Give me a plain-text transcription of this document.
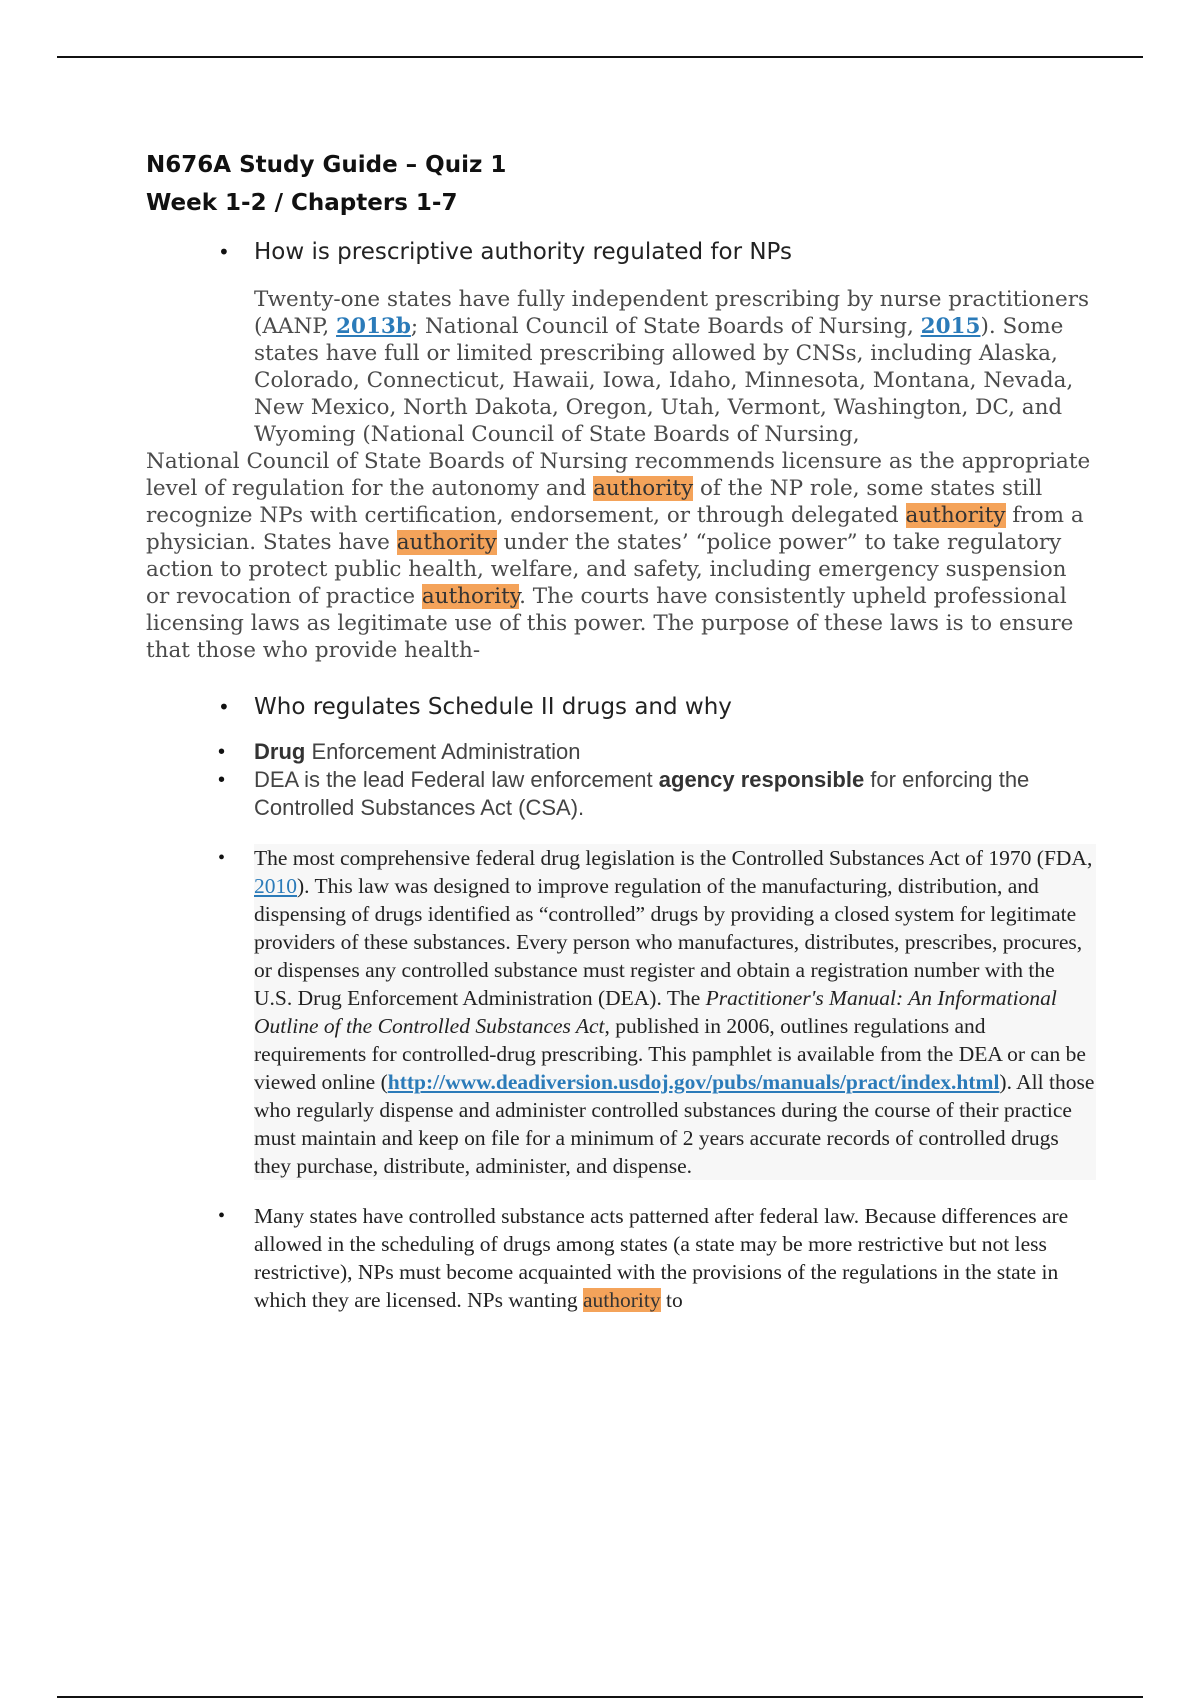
N676A Study Guide – Quiz 1

Week 1-2 / Chapters 1-7

• How is prescriptive authority regulated for NPs
Twenty-one states have fully independent prescribing by nurse practitioners (AANP, 2013b; National Council of State Boards of Nursing, 2015). Some states have full or limited prescribing allowed by CNSs, including Alaska, Colorado, Connecticut, Hawaii, Iowa, Idaho, Minnesota, Montana, Nevada, New Mexico, North Dakota, Oregon, Utah, Vermont, Washington, DC, and Wyoming (National Council of State Boards of Nursing,
National Council of State Boards of Nursing recommends licensure as the appropriate level of regulation for the autonomy and authority of the NP role, some states still recognize NPs with certification, endorsement, or through delegated authority from a physician. States have authority under the states’ “police power” to take regulatory action to protect public health, welfare, and safety, including emergency suspension or revocation of practice authority. The courts have consistently upheld professional licensing laws as legitimate use of this power. The purpose of these laws is to ensure that those who provide health-
• Who regulates Schedule II drugs and why
• Drug Enforcement Administration
• DEA is the lead Federal law enforcement agency responsible for enforcing the Controlled Substances Act (CSA).
• The most comprehensive federal drug legislation is the Controlled Substances Act of 1970 (FDA, 2010). This law was designed to improve regulation of the manufacturing, distribution, and dispensing of drugs identified as “controlled” drugs by providing a closed system for legitimate providers of these substances. Every person who manufactures, distributes, prescribes, procures, or dispenses any controlled substance must register and obtain a registration number with the U.S. Drug Enforcement Administration (DEA). The Practitioner's Manual: An Informational Outline of the Controlled Substances Act, published in 2006, outlines regulations and requirements for controlled-drug prescribing. This pamphlet is available from the DEA or can be viewed online (http://www.deadiversion.usdoj.gov/pubs/manuals/pract/index.html). All those who regularly dispense and administer controlled substances during the course of their practice must maintain and keep on file for a minimum of 2 years accurate records of controlled drugs they purchase, distribute, administer, and dispense.
• Many states have controlled substance acts patterned after federal law. Because differences are allowed in the scheduling of drugs among states (a state may be more restrictive but not less restrictive), NPs must become acquainted with the provisions of the regulations in the state in which they are licensed. NPs wanting authority to
